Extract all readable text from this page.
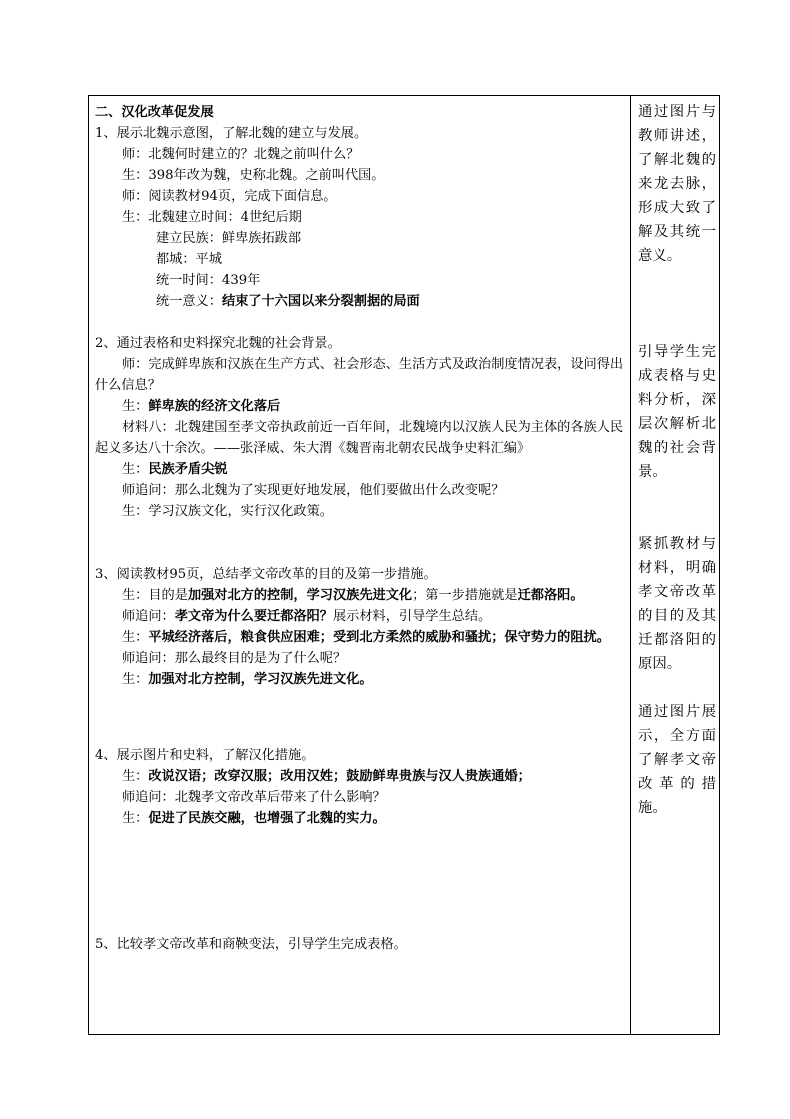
二、汉化改革促发展
1、展示北魏示意图，了解北魏的建立与发展。
师：北魏何时建立的？北魏之前叫什么？
生：398年改为魏，史称北魏。之前叫代国。
师：阅读教材94页，完成下面信息。
生：北魏建立时间：4世纪后期
建立民族：鲜卑族拓跋部
都城：平城
统一时间：439年
统一意义：结束了十六国以来分裂割据的局面
2、通过表格和史料探究北魏的社会背景。
师：完成鲜卑族和汉族在生产方式、社会形态、生活方式及政治制度情况表，设问得出什么信息？
生：鲜卑族的经济文化落后
材料八：北魏建国至孝文帝执政前近一百年间，北魏境内以汉族人民为主体的各族人民起义多达八十余次。——张泽威、朱大渭《魏晋南北朝农民战争史料汇编》
生：民族矛盾尖锐
师追问：那么北魏为了实现更好地发展，他们要做出什么改变呢？
生：学习汉族文化，实行汉化政策。
3、阅读教材95页，总结孝文帝改革的目的及第一步措施。
生：目的是加强对北方的控制，学习汉族先进文化；第一步措施就是迁都洛阳。
师追问：孝文帝为什么要迁都洛阳？展示材料，引导学生总结。
生：平城经济落后，粮食供应困难；受到北方柔然的威胁和骚扰；保守势力的阻扰。
师追问：那么最终目的是为了什么呢？
生：加强对北方控制，学习汉族先进文化。
4、展示图片和史料，了解汉化措施。
生：改说汉语；改穿汉服；改用汉姓；鼓励鲜卑贵族与汉人贵族通婚；
师追问：北魏孝文帝改革后带来了什么影响？
生：促进了民族交融，也增强了北魏的实力。
5、比较孝文帝改革和商鞅变法，引导学生完成表格。

通过图片与教师讲述，了解北魏的来龙去脉，形成大致了解及其统一意义。

引导学生完成表格与史料分析，深层次解析北魏的社会背景。

紧抓教材与材料，明确孝文帝改革的目的及其迁都洛阳的原因。

通过图片展示，全方面了解孝文帝改革的措施。
